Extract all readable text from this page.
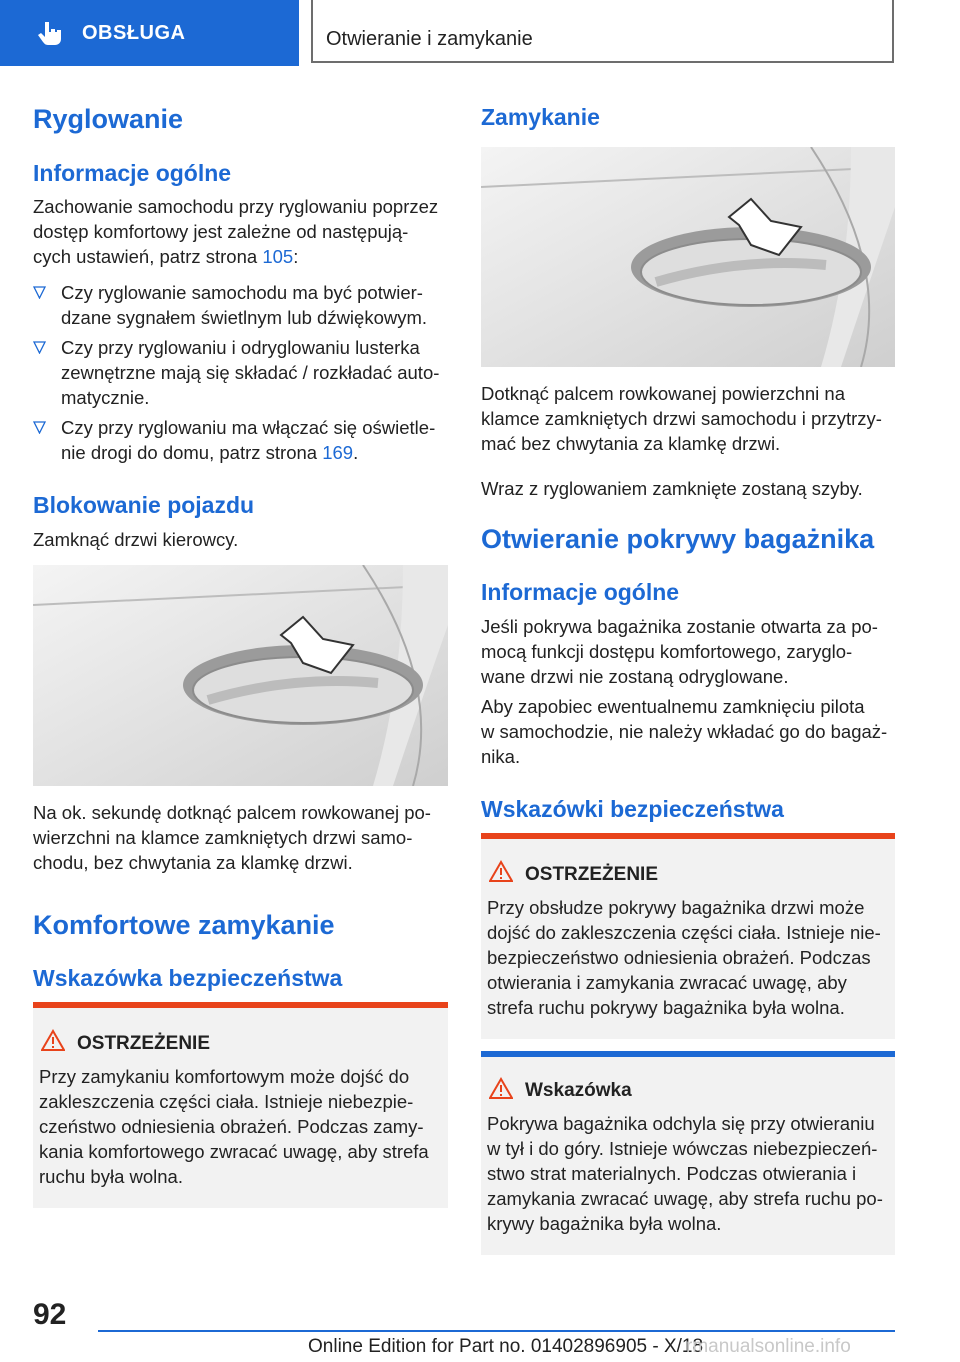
OBSŁUGA	Otwieranie i zamykanie
Ryglowanie
Informacje ogólne

Zachowanie samochodu przy ryglowaniu poprzez

dostęp komfortowy jest zależne od następują-

cych ustawień, patrz strona 105:

Czy ryglowanie samochodu ma być potwier-
dzane sygnałem świetlnym lub dźwiękowym.
Czy przy ryglowaniu i odryglowaniu lusterka
zewnętrzne mają się składać / rozkładać auto-
matycznie.
Czy przy ryglowaniu ma włączać się oświetle-
nie drogi do domu, patrz strona 169.
Blokowanie pojazdu

Zamknąć drzwi kierowcy.

Na ok. sekundę dotknąć palcem rowkowanej po-

wierzchni na klamce zamkniętych drzwi samo-

chodu, bez chwytania za klamkę drzwi.

Komfortowe zamykanie
Wskazówka bezpieczeństwa
OSTRZEŻENIE
Przy zamykaniu komfortowym może dojść do
zakleszczenia części ciała. Istnieje niebezpie-
czeństwo odniesienia obrażeń. Podczas zamy-
kania komfortowego zwracać uwagę, aby strefa
ruchu była wolna.
Zamykanie

Dotknąć palcem rowkowanej powierzchni na

klamce zamkniętych drzwi samochodu i przytrzy-

mać bez chwytania za klamkę drzwi.

Wraz z ryglowaniem zamknięte zostaną szyby.

Otwieranie pokrywy bagażnika
Informacje ogólne

Jeśli pokrywa bagażnika zostanie otwarta za po-

mocą funkcji dostępu komfortowego, zaryglo-

wane drzwi nie zostaną odryglowane.

Aby zapobiec ewentualnemu zamknięciu pilota

w samochodzie, nie należy wkładać go do bagaż-

nika.

Wskazówki bezpieczeństwa
OSTRZEŻENIE
Przy obsłudze pokrywy bagażnika drzwi może
dojść do zakleszczenia części ciała. Istnieje nie-
bezpieczeństwo odniesienia obrażeń. Podczas
otwierania i zamykania zwracać uwagę, aby
strefa ruchu pokrywy bagażnika była wolna.
Wskazówka
Pokrywa bagażnika odchyla się przy otwieraniu
w tył i do góry. Istnieje wówczas niebezpieczeń-
stwo strat materialnych. Podczas otwierania i
zamykania zwracać uwagę, aby strefa ruchu po-
krywy bagażnika była wolna.
92
Online Edition for Part no. 01402896905 - X/18
rmanualsonline.info
